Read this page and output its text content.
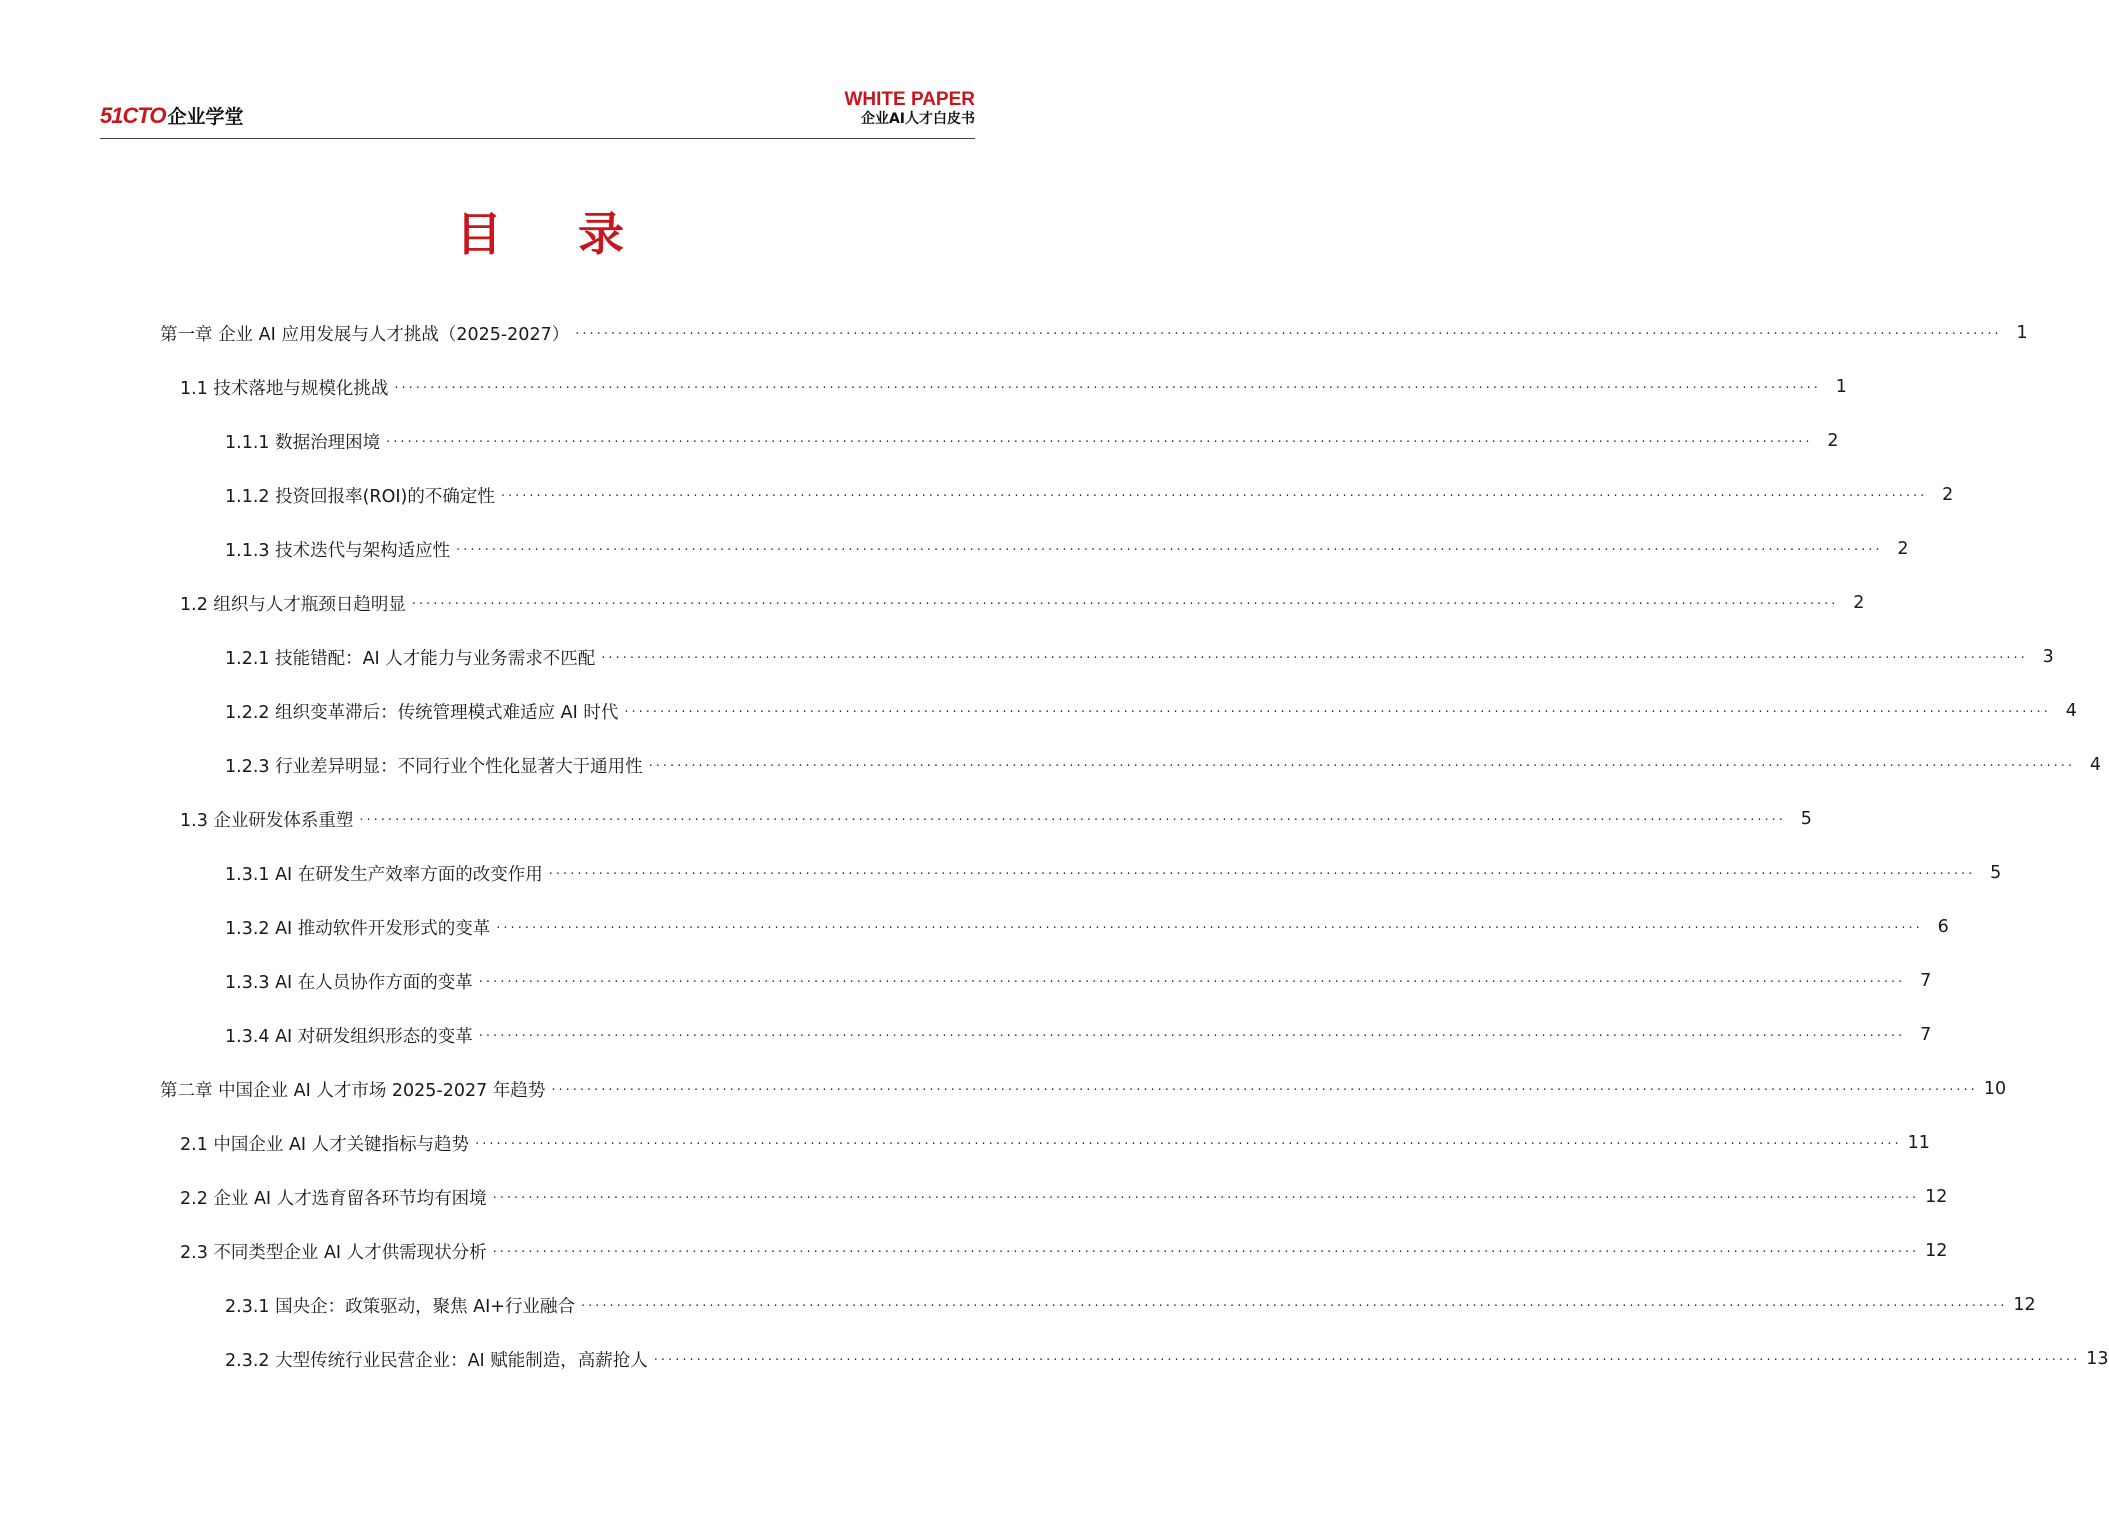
51CTO 企业学堂
WHITE PAPER
企业AI人才白皮书
目 录
第一章 企业 AI 应用发展与人才挑战（2025-2027） ········································································································································································································ 1
1.1 技术落地与规模化挑战 ········································································································································································································ 1
1.1.1 数据治理困境 ········································································································································································································ 2
1.1.2 投资回报率(ROI)的不确定性 ········································································································································································································ 2
1.1.3 技术迭代与架构适应性 ········································································································································································································ 2
1.2 组织与人才瓶颈日趋明显 ········································································································································································································ 2
1.2.1 技能错配：AI 人才能力与业务需求不匹配 ········································································································································································································ 3
1.2.2 组织变革滞后：传统管理模式难适应 AI 时代 ········································································································································································································ 4
1.2.3 行业差异明显：不同行业个性化显著大于通用性 ········································································································································································································ 4
1.3 企业研发体系重塑 ········································································································································································································ 5
1.3.1 AI 在研发生产效率方面的改变作用 ········································································································································································································ 5
1.3.2 AI 推动软件开发形式的变革 ········································································································································································································ 6
1.3.3 AI 在人员协作方面的变革 ········································································································································································································ 7
1.3.4 AI 对研发组织形态的变革 ········································································································································································································ 7
第二章 中国企业 AI 人才市场 2025-2027 年趋势 ········································································································································································································ 10
2.1 中国企业 AI 人才关键指标与趋势 ········································································································································································································ 11
2.2 企业 AI 人才选育留各环节均有困境 ········································································································································································································ 12
2.3 不同类型企业 AI 人才供需现状分析 ········································································································································································································ 12
2.3.1 国央企：政策驱动，聚焦 AI+行业融合 ········································································································································································································ 12
2.3.2 大型传统行业民营企业：AI 赋能制造，高薪抢人 ········································································································································································································ 13
